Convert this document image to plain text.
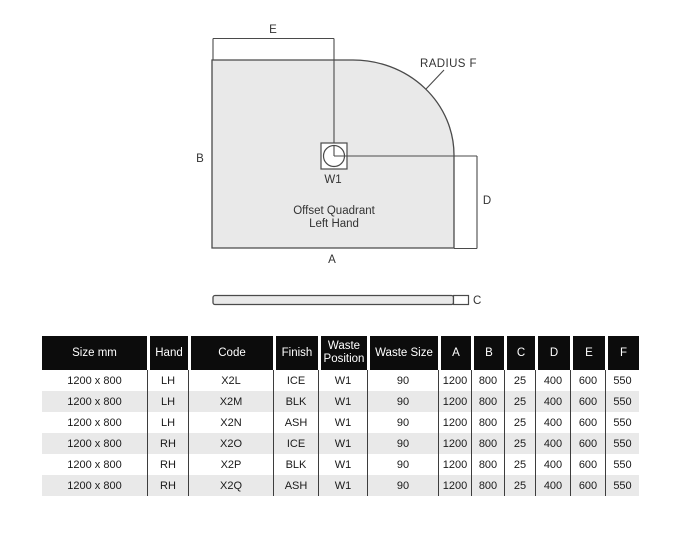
E
B
RADIUS F
W1
Offset Quadrant
Left Hand
A
D
C
Size mm	Hand	Code	Finish	Waste Position	Waste Size	A	B	C	D	E	F
1200 x 800	LH	X2L	ICE	W1	90	1200	800	25	400	600	550
1200 x 800	LH	X2M	BLK	W1	90	1200	800	25	400	600	550
1200 x 800	LH	X2N	ASH	W1	90	1200	800	25	400	600	550
1200 x 800	RH	X2O	ICE	W1	90	1200	800	25	400	600	550
1200 x 800	RH	X2P	BLK	W1	90	1200	800	25	400	600	550
1200 x 800	RH	X2Q	ASH	W1	90	1200	800	25	400	600	550
